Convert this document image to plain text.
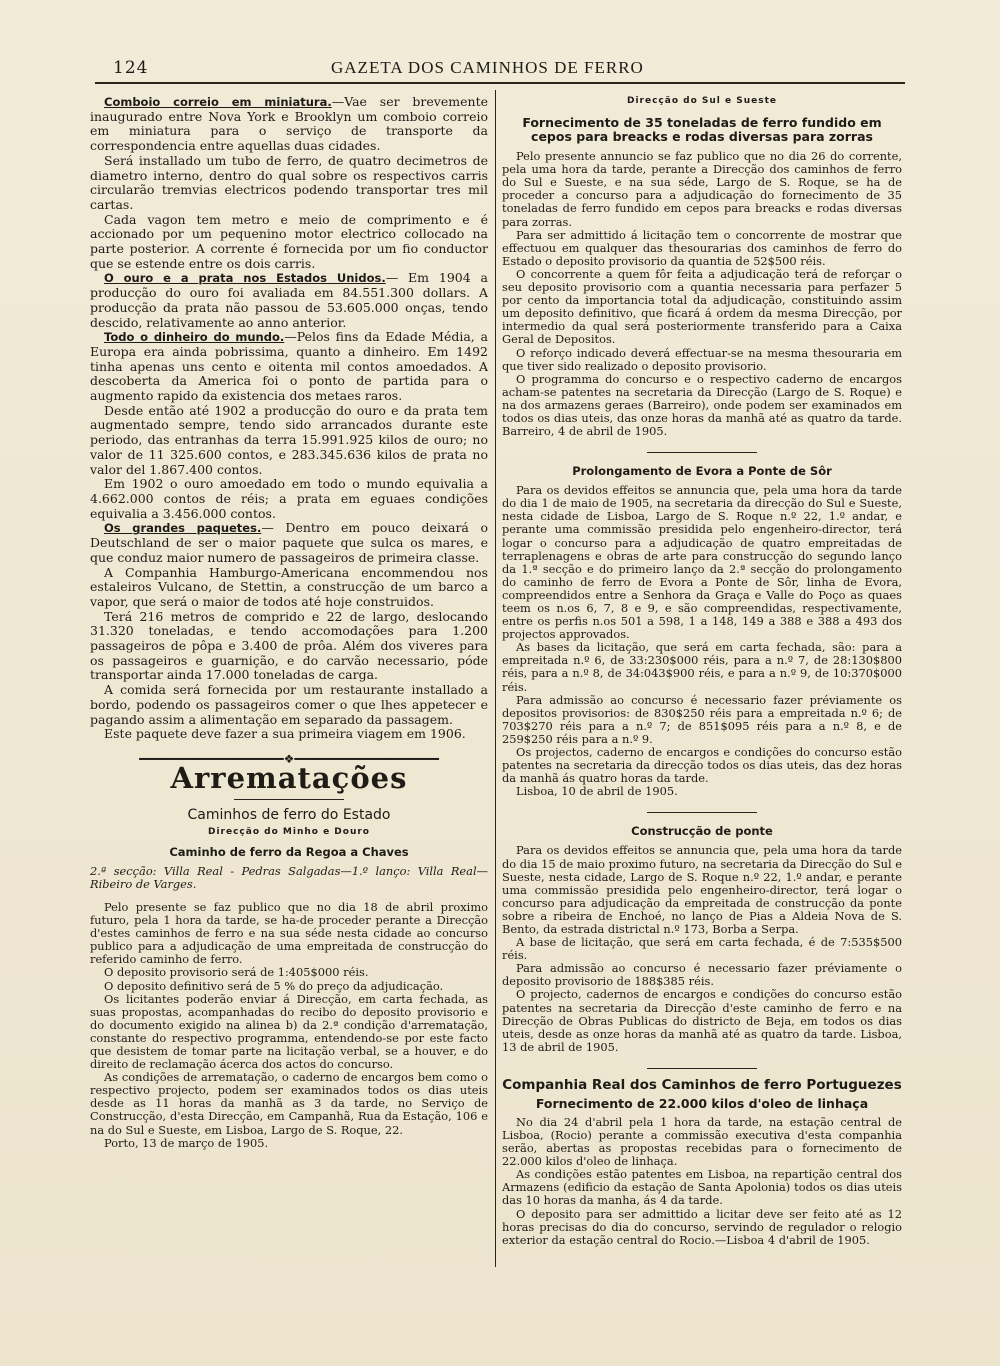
124	GAZETA DOS CAMINHOS DE FERRO

Comboio correio em miniatura.—Vae ser brevemente inaugurado entre Nova York e Brooklyn um comboio correio em miniatura para o serviço de transporte da correspondencia entre aquellas duas cidades.

Será installado um tubo de ferro, de quatro decimetros de diametro interno, dentro do qual sobre os respectivos carris circularão tremvias electricos podendo transportar tres mil cartas.

Cada vagon tem metro e meio de comprimento e é accionado por um pequenino motor electrico collocado na parte posterior. A corrente é fornecida por um fio conductor que se estende entre os dois carris.

O ouro e a prata nos Estados Unidos.— Em 1904 a producção do ouro foi avaliada em 84.551.300 dollars. A producção da prata não passou de 53.605.000 onças, tendo descido, relativamente ao anno anterior.

Todo o dinheiro do mundo.—Pelos fins da Edade Média, a Europa era ainda pobrissima, quanto a dinheiro. Em 1492 tinha apenas uns cento e oitenta mil contos amoedados. A descoberta da America foi o ponto de partida para o augmento rapido da existencia dos metaes raros.

Desde então até 1902 a producção do ouro e da prata tem augmentado sempre, tendo sido arrancados durante este periodo, das entranhas da terra 15.991.925 kilos de ouro; no valor de 11 325.600 contos, e 283.345.636 kilos de prata no valor del 1.867.400 contos.

Em 1902 o ouro amoedado em todo o mundo equivalia a 4.662.000 contos de réis; a prata em eguaes condições equivalia a 3.456.000 contos.

Os grandes paquetes.— Dentro em pouco deixará o Deutschland de ser o maior paquete que sulca os mares, e que conduz maior numero de passageiros de primeira classe.

A Companhia Hamburgo-Americana encommendou nos estaleiros Vulcano, de Stettin, a construcção de um barco a vapor, que será o maior de todos até hoje construidos.

Terá 216 metros de comprido e 22 de largo, deslocando 31.320 toneladas, e tendo accomodações para 1.200 passageiros de pôpa e 3.400 de prôa. Além dos viveres para os passageiros e guarnição, e do carvão necessario, póde transportar ainda 17.000 toneladas de carga.

A comida será fornecida por um restaurante installado a bordo, podendo os passageiros comer o que lhes appetecer e pagando assim a alimentação em separado da passagem.

Este paquete deve fazer a sua primeira viagem em 1906.

━━━━━━━━━━━━━━━━━━━━❖━━━━━━━━━━━━━━━━━━━━
Arrematações
Caminhos de ferro do Estado
Direcção do Minho e Douro
Caminho de ferro da Regoa a Chaves

2.ª secção: Villa Real - Pedras Salgadas—1.º lanço: Villa Real—Ribeiro de Varges.

Pelo presente se faz publico que no dia 18 de abril proximo futuro, pela 1 hora da tarde, se ha-de proceder perante a Direcção d'estes caminhos de ferro e na sua séde nesta cidade ao concurso publico para a adjudicação de uma empreitada de construcção do referido caminho de ferro.

O deposito provisorio será de 1:405$000 réis.

O deposito definitivo será de 5 % do preço da adjudicação.

Os licitantes poderão enviar á Direcção, em carta fechada, as suas propostas, acompanhadas do recibo do deposito provisorio e do documento exigido na alinea b) da 2.ª condição d'arrematação, constante do respectivo programma, entendendo-se por este facto que desistem de tomar parte na licitação verbal, se a houver, e do direito de reclamação ácerca dos actos do concurso.

As condições de arrematação, o caderno de encargos bem como o respectivo projecto, podem ser examinados todos os dias uteis desde as 11 horas da manhã as 3 da tarde, no Serviço de Construcção, d'esta Direcção, em Campanhã, Rua da Estação, 106 e na do Sul e Sueste, em Lisboa, Largo de S. Roque, 22.

Porto, 13 de março de 1905.

Direcção do Sul e Sueste
Fornecimento de 35 toneladas de ferro fundido em cepos para breacks e rodas diversas para zorras

Pelo presente annuncio se faz publico que no dia 26 do corrente, pela uma hora da tarde, perante a Direcção dos caminhos de ferro do Sul e Sueste, e na sua séde, Largo de S. Roque, se ha de proceder a concurso para a adjudicação do fornecimento de 35 toneladas de ferro fundido em cepos para breacks e rodas diversas para zorras.

Para ser admittido á licitação tem o concorrente de mostrar que effectuou em qualquer das thesourarias dos caminhos de ferro do Estado o deposito provisorio da quantia de 52$500 réis.

O concorrente a quem fôr feita a adjudicação terá de reforçar o seu deposito provisorio com a quantia necessaria para perfazer 5 por cento da importancia total da adjudicação, constituindo assim um deposito definitivo, que ficará á ordem da mesma Direcção, por intermedio da qual será posteriormente transferido para a Caixa Geral de Depositos.

O reforço indicado deverá effectuar-se na mesma thesouraria em que tiver sido realizado o deposito provisorio.

O programma do concurso e o respectivo caderno de encargos acham-se patentes na secretaria da Direcção (Largo de S. Roque) e na dos armazens geraes (Barreiro), onde podem ser examinados em todos os dias uteis, das onze horas da manhã até as quatro da tarde. Barreiro, 4 de abril de 1905.

Prolongamento de Evora a Ponte de Sôr

Para os devidos effeitos se annuncia que, pela uma hora da tarde do dia 1 de maio de 1905, na secretaria da direcção do Sul e Sueste, nesta cidade de Lisboa, Largo de S. Roque n.º 22, 1.º andar, e perante uma commissão presidida pelo engenheiro-director, terá logar o concurso para a adjudicação de quatro empreitadas de terraplenagens e obras de arte para construcção do segundo lanço da 1.ª secção e do primeiro lanço da 2.ª secção do prolongamento do caminho de ferro de Evora a Ponte de Sôr, linha de Evora, compreendidos entre a Senhora da Graça e Valle do Poço as quaes teem os n.os 6, 7, 8 e 9, e são compreendidas, respectivamente, entre os perfis n.os 501 a 598, 1 a 148, 149 a 388 e 388 a 493 dos projectos approvados.

As bases da licitação, que será em carta fechada, são: para a empreitada n.º 6, de 33:230$000 réis, para a n.º 7, de 28:130$800 réis, para a n.º 8, de 34:043$900 réis, e para a n.º 9, de 10:370$000 réis.

Para admissão ao concurso é necessario fazer préviamente os depositos provisorios: de 830$250 réis para a empreitada n.º 6; de 703$270 réis para a n.º 7; de 851$095 réis para a n.º 8, e de 259$250 réis para a n.º 9.

Os projectos, caderno de encargos e condições do concurso estão patentes na secretaria da direcção todos os dias uteis, das dez horas da manhã ás quatro horas da tarde.

Lisboa, 10 de abril de 1905.

Construcção de ponte

Para os devidos effeitos se annuncia que, pela uma hora da tarde do dia 15 de maio proximo futuro, na secretaria da Direcção do Sul e Sueste, nesta cidade, Largo de S. Roque n.º 22, 1.º andar, e perante uma commissão presidida pelo engenheiro-director, terá logar o concurso para adjudicação da empreitada de construcção da ponte sobre a ribeira de Enchoé, no lanço de Pias a Aldeia Nova de S. Bento, da estrada districtal n.º 173, Borba a Serpa.

A base de licitação, que será em carta fechada, é de 7:535$500 réis.

Para admissão ao concurso é necessario fazer préviamente o deposito provisorio de 188$385 réis.

O projecto, cadernos de encargos e condições do concurso estão patentes na secretaria da Direcção d'este caminho de ferro e na Direcção de Obras Publicas do districto de Beja, em todos os dias uteis, desde as onze horas da manhã até as quatro da tarde. Lisboa, 13 de abril de 1905.

Companhia Real dos Caminhos de ferro Portuguezes
Fornecimento de 22.000 kilos d'oleo de linhaça

No dia 24 d'abril pela 1 hora da tarde, na estação central de Lisboa, (Rocio) perante a commissão executiva d'esta companhia serão, abertas as propostas recebidas para o fornecimento de 22.000 kilos d'oleo de linhaça.

As condições estão patentes em Lisboa, na repartição central dos Armazens (edificio da estação de Santa Apolonia) todos os dias uteis das 10 horas da manha, ás 4 da tarde.

O deposito para ser admittido a licitar deve ser feito até as 12 horas precisas do dia do concurso, servindo de regulador o relogio exterior da estação central do Rocio.—Lisboa 4 d'abril de 1905.
